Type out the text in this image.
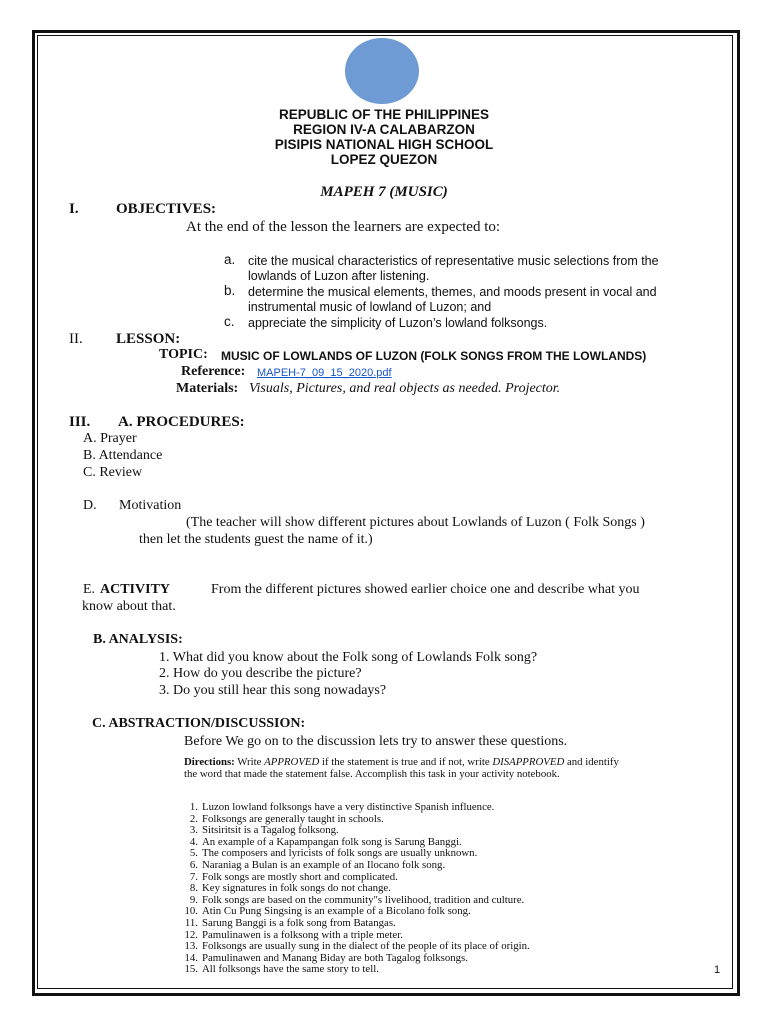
REPUBLIC OF THE PHILIPPINES
REGION IV-A CALABARZON
PISIPIS NATIONAL HIGH SCHOOL
LOPEZ QUEZON
MAPEH 7 (MUSIC)
I. OBJECTIVES:
At the end of the lesson the learners are expected to:
a. cite the musical characteristics of representative music selections from the lowlands of Luzon after listening.
b. determine the musical elements, themes, and moods present in vocal and instrumental music of lowland of Luzon; and
c. appreciate the simplicity of Luzon’s lowland folksongs.
II. LESSON:
TOPIC: MUSIC OF LOWLANDS OF LUZON (FOLK SONGS FROM THE LOWLANDS)
Reference: MAPEH-7_09_15_2020.pdf
Materials: Visuals, Pictures, and real objects as needed. Projector.
III. A. PROCEDURES:
A. Prayer
B. Attendance
C. Review
D. Motivation
(The teacher will show different pictures about Lowlands of Luzon ( Folk Songs )
then let the students guest the name of it.)
E. ACTIVITY	From the different pictures showed earlier choice one and describe what you
know about that.
B. ANALYSIS:
1. What did you know about the Folk song of Lowlands Folk song?
2. How do you describe the picture?
3. Do you still hear this song nowadays?
C. ABSTRACTION/DISCUSSION:
Before We go on to the discussion lets try to answer these questions.
Directions: Write APPROVED if the statement is true and if not, write DISAPPROVED and identify the word that made the statement false. Accomplish this task in your activity notebook.
1. Luzon lowland folksongs have a very distinctive Spanish influence.
2. Folksongs are generally taught in schools.
3. Sitsiritsit is a Tagalog folksong.
4. An example of a Kapampangan folk song is Sarung Banggi.
5. The composers and lyricists of folk songs are usually unknown.
6. Naraniag a Bulan is an example of an Ilocano folk song.
7. Folk songs are mostly short and complicated.
8. Key signatures in folk songs do not change.
9. Folk songs are based on the community"s livelihood, tradition and culture.
10. Atin Cu Pung Singsing is an example of a Bicolano folk song.
11. Sarung Banggi is a folk song from Batangas.
12. Pamulinawen is a folksong with a triple meter.
13. Folksongs are usually sung in the dialect of the people of its place of origin.
14. Pamulinawen and Manang Biday are both Tagalog folksongs.
15. All folksongs have the same story to tell.	1
